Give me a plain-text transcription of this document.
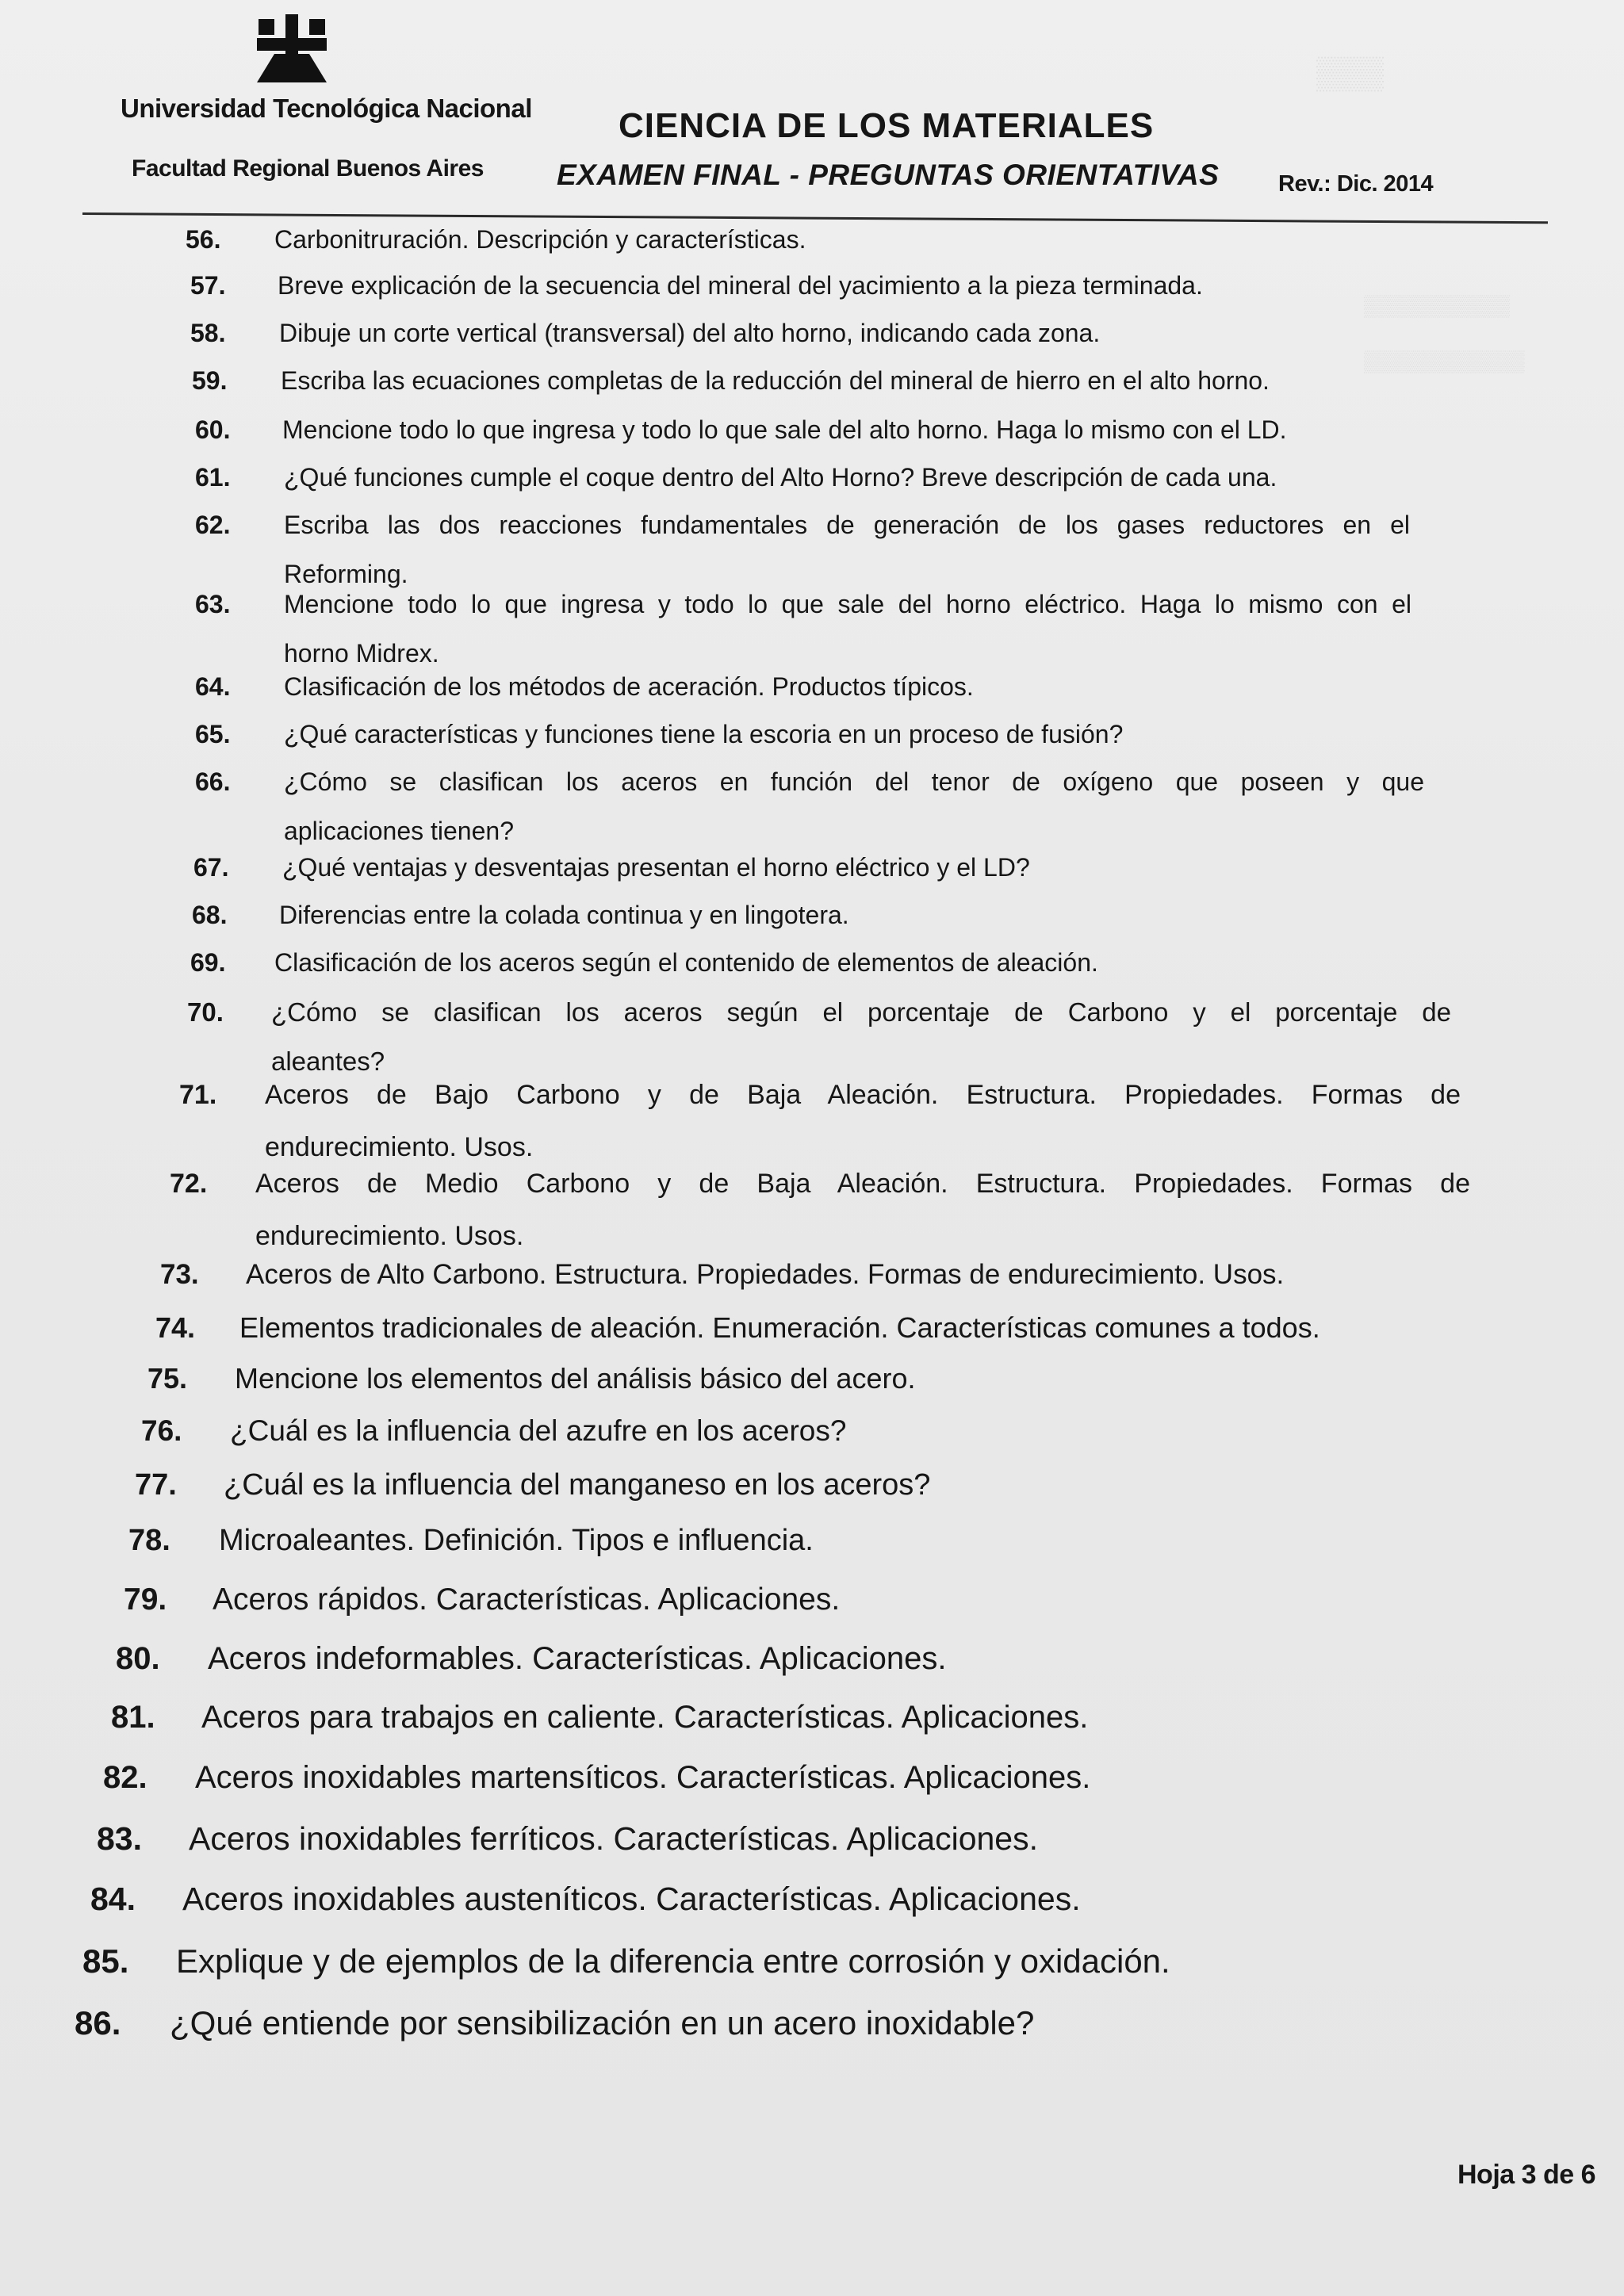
▒▒▒
▒▒▒▒▒▒▒▒▒▒
▒▒▒▒▒▒▒▒▒▒▒
Universidad Tecnológica Nacional
Facultad Regional Buenos Aires
CIENCIA DE LOS MATERIALES
EXAMEN FINAL - PREGUNTAS ORIENTATIVAS	Rev.: Dic. 2014
56. Carbonitruración. Descripción y características.
57. Breve explicación de la secuencia del mineral del yacimiento a la pieza terminada.
58. Dibuje un corte vertical (transversal) del alto horno, indicando cada zona.
59. Escriba las ecuaciones completas de la reducción del mineral de hierro en el alto horno.
60. Mencione todo lo que ingresa y todo lo que sale del alto horno. Haga lo mismo con el LD.
61. ¿Qué funciones cumple el coque dentro del Alto Horno? Breve descripción de cada una.
62. Escriba las dos reacciones fundamentales de generación de los gases reductores en el
Reforming.
63. Mencione todo lo que ingresa y todo lo que sale del horno eléctrico. Haga lo mismo con el
horno Midrex.
64. Clasificación de los métodos de aceración. Productos típicos.
65. ¿Qué características y funciones tiene la escoria en un proceso de fusión?
66. ¿Cómo se clasifican los aceros en función del tenor de oxígeno que poseen y que
aplicaciones tienen?
67. ¿Qué ventajas y desventajas presentan el horno eléctrico y el LD?
68. Diferencias entre la colada continua y en lingotera.
69. Clasificación de los aceros según el contenido de elementos de aleación.
70. ¿Cómo se clasifican los aceros según el porcentaje de Carbono y el porcentaje de
aleantes?
71. Aceros de Bajo Carbono y de Baja Aleación. Estructura. Propiedades. Formas de
endurecimiento. Usos.
72. Aceros de Medio Carbono y de Baja Aleación. Estructura. Propiedades. Formas de
endurecimiento. Usos.
73. Aceros de Alto Carbono. Estructura. Propiedades. Formas de endurecimiento. Usos.
74. Elementos tradicionales de aleación. Enumeración. Características comunes a todos.
75. Mencione los elementos del análisis básico del acero.
76. ¿Cuál es la influencia del azufre en los aceros?
77. ¿Cuál es la influencia del manganeso en los aceros?
78. Microaleantes. Definición. Tipos e influencia.
79. Aceros rápidos. Características. Aplicaciones.
80. Aceros indeformables. Características. Aplicaciones.
81. Aceros para trabajos en caliente. Características. Aplicaciones.
82. Aceros inoxidables martensíticos. Características. Aplicaciones.
83. Aceros inoxidables ferríticos. Características. Aplicaciones.
84. Aceros inoxidables austeníticos. Características. Aplicaciones.
85. Explique y de ejemplos de la diferencia entre corrosión y oxidación.
86. ¿Qué entiende por sensibilización en un acero inoxidable?
Hoja 3 de 6
